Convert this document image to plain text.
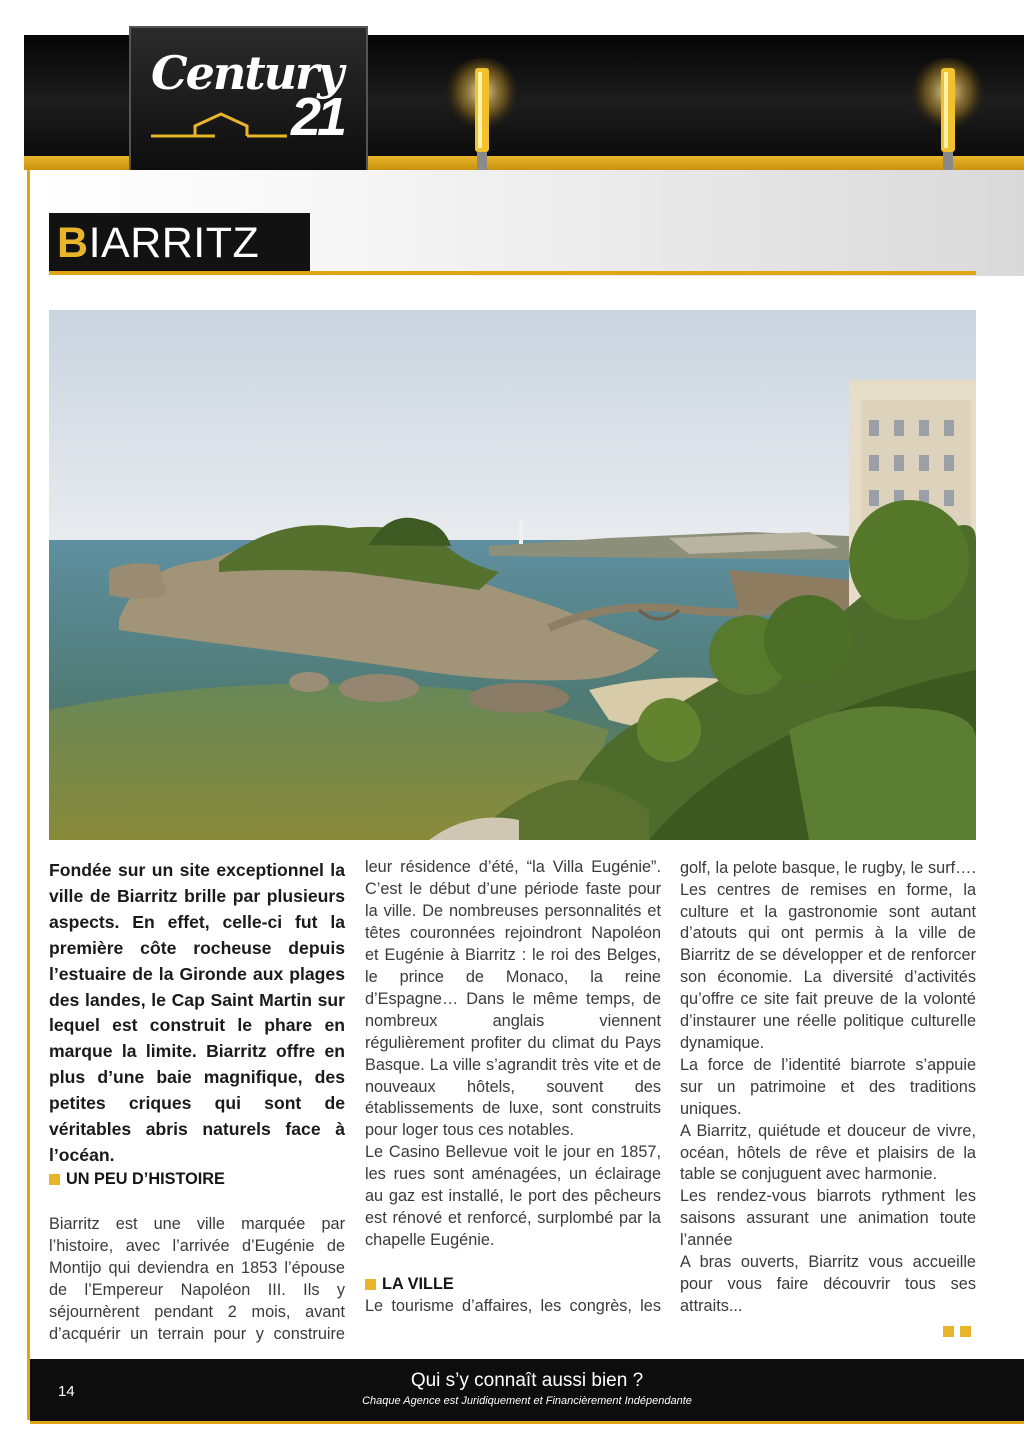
Century
21
BIARRITZ

Fondée sur un site exceptionnel la ville de Biarritz brille par plusieurs aspects. En effet, celle-ci fut la première côte rocheuse depuis l’estuaire de la Gironde aux plages des landes, le Cap Saint Martin sur lequel est construit le phare en marque la limite. Biarritz offre en plus d’une baie magnifique, des petites criques qui sont de véritables abris naturels face à l’océan.

UN PEU D’HISTOIRE

Biarritz est une ville marquée par l’histoire, avec l’arrivée d’Eugénie de Montijo qui deviendra en 1853 l’épouse de l’Empereur Napoléon III. Ils y séjournèrent pendant 2 mois, avant d’acquérir un terrain pour y construire

leur résidence d’été, “la Villa Eugénie”. C’est le début d’une période faste pour la ville. De nombreuses personnalités et têtes couronnées rejoindront Napoléon et Eugénie à Biarritz : le roi des Belges, le prince de Monaco, la reine d’Espagne… Dans le même temps, de nombreux anglais viennent régulièrement profiter du climat du Pays Basque. La ville s’agrandit très vite et de nouveaux hôtels, souvent des établissements de luxe, sont construits pour loger tous ces notables.

Le Casino Bellevue voit le jour en 1857, les rues sont aménagées, un éclairage au gaz est installé, le port des pêcheurs est rénové et renforcé, surplombé par la chapelle Eugénie.

LA VILLE

Le tourisme d’affaires, les congrès, les

golf, la pelote basque, le rugby, le surf…. Les centres de remises en forme, la culture et la gastronomie sont autant d’atouts qui ont permis à la ville de Biarritz de se développer et de renforcer son économie. La diversité d’activités qu’offre ce site fait preuve de la volonté d’instaurer une réelle politique culturelle dynamique.

La force de l’identité biarrote s’appuie sur un patrimoine et des traditions uniques.

A Biarritz, quiétude et douceur de vivre, océan, hôtels de rêve et plaisirs de la table se conjuguent avec harmonie.

Les rendez-vous biarrots rythment les saisons assurant une animation toute l’année

A bras ouverts, Biarritz vous accueille pour vous faire découvrir tous ses attraits...

14
Qui s’y connaît aussi bien ?
Chaque Agence est Juridiquement et Financièrement Indépendante
